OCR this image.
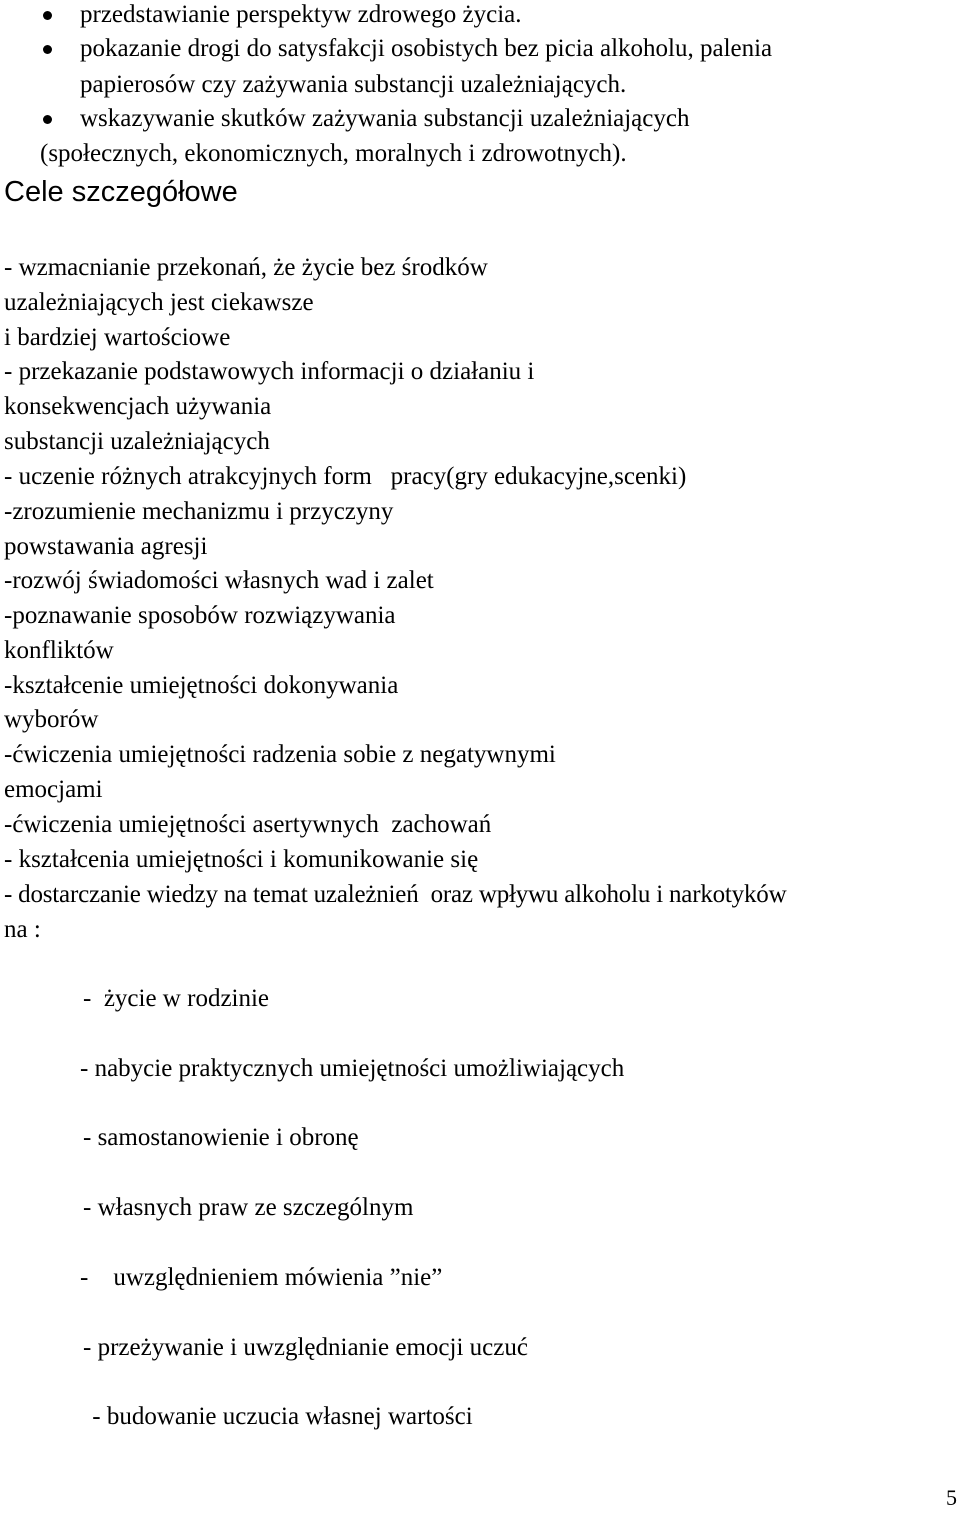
przedstawianie perspektyw zdrowego życia.
pokazanie drogi do satysfakcji osobistych bez picia alkoholu, palenia
papierosów czy zażywania substancji uzależniających.
wskazywanie skutków zażywania substancji uzależniających
(społecznych, ekonomicznych, moralnych i zdrowotnych).
Cele szczegółowe
- wzmacnianie przekonań, że życie bez środków
uzależniających jest ciekawsze
i bardziej wartościowe
- przekazanie podstawowych informacji o działaniu i
konsekwencjach używania
substancji uzależniających
- uczenie różnych atrakcyjnych form   pracy(gry edukacyjne,scenki)
-zrozumienie mechanizmu i przyczyny
powstawania agresji
-rozwój świadomości własnych wad i zalet
-poznawanie sposobów rozwiązywania
konfliktów
-kształcenie umiejętności dokonywania
wyborów
-ćwiczenia umiejętności radzenia sobie z negatywnymi
emocjami
-ćwiczenia umiejętności asertywnych  zachowań
- kształcenia umiejętności i komunikowanie się
- dostarczanie wiedzy na temat uzależnień  oraz wpływu alkoholu i narkotyków
na :
-  życie w rodzinie
- nabycie praktycznych umiejętności umożliwiających
- samostanowienie i obronę
- własnych praw ze szczególnym
-    uwzględnieniem mówienia ”nie”
- przeżywanie i uwzględnianie emocji uczuć
- budowanie uczucia własnej wartości
5
